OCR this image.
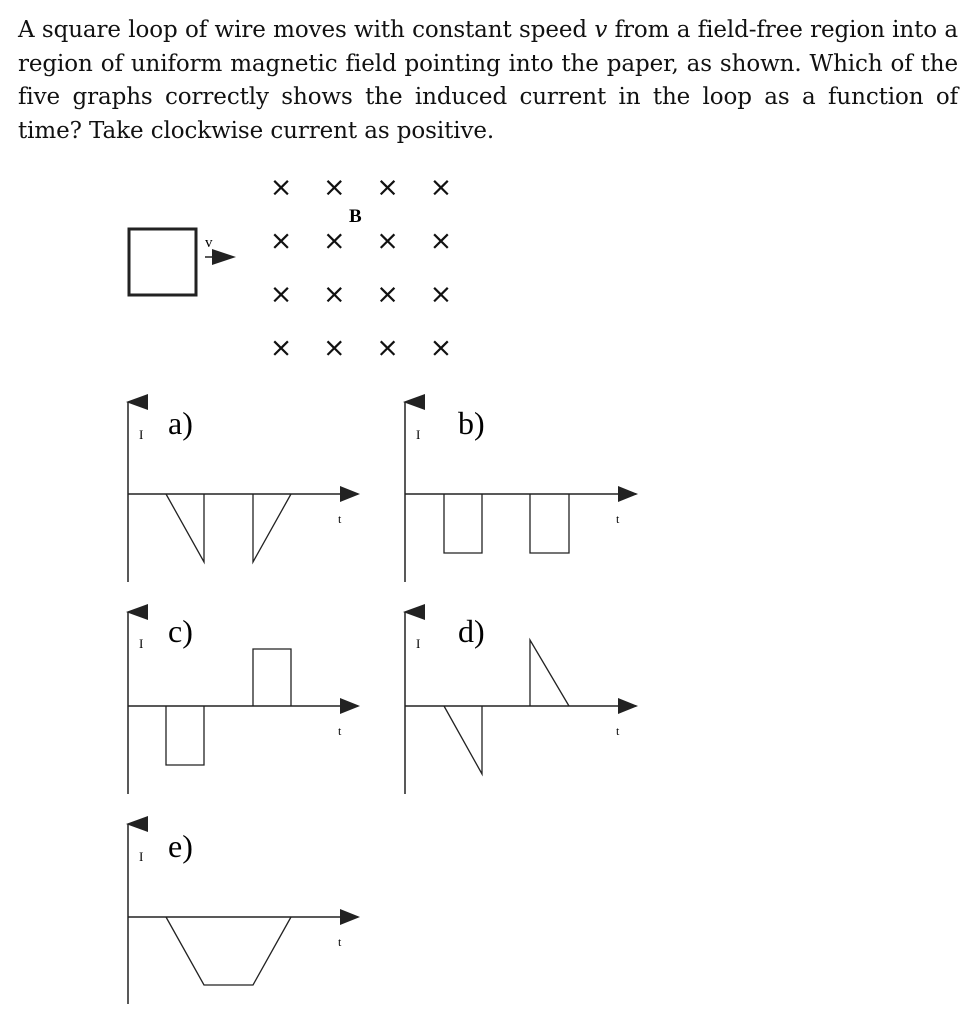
A square loop of wire moves with constant speed v from a field-free region into a region of uniform magnetic field pointing into the paper, as shown. Which of the five graphs correctly shows the induced current in the loop as a function of time? Take clockwise current as positive.

v
B
× × × ×
× × × ×
× × × ×
× × × ×
I
t
a)	I
t
b)
I
t
c)	I
t
d)
I
t
e)
